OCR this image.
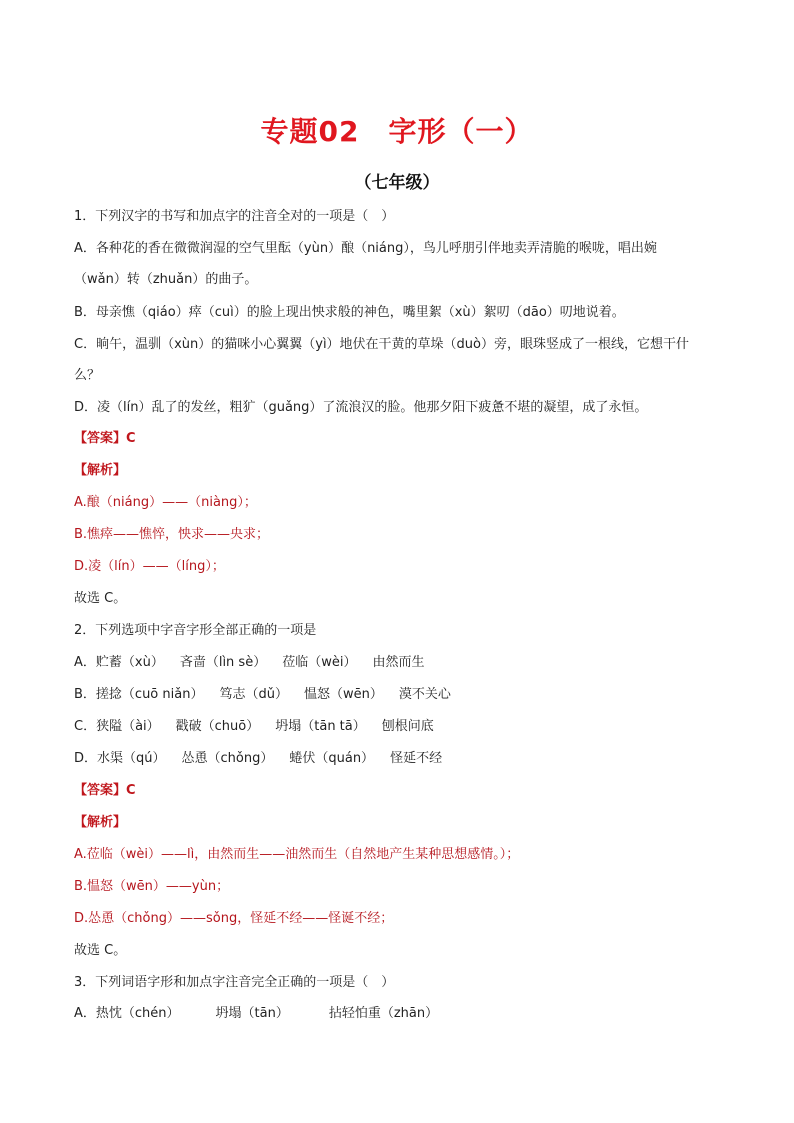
专题02　字形（一）
（七年级）
1．下列汉字的书写和加点字的注音全对的一项是（　）
A．各种花的香在微微润湿的空气里酝（yùn）酿（niáng），鸟儿呼朋引伴地卖弄清脆的喉咙，唱出婉
（wǎn）转（zhuǎn）的曲子。
B．母亲憔（qiáo）瘁（cuì）的脸上现出怏求般的神色，嘴里絮（xù）絮叨（dāo）叨地说着。
C．晌午，温驯（xùn）的猫咪小心翼翼（yì）地伏在干黄的草垛（duò）旁，眼珠竖成了一根线，它想干什
么？
D．凌（lín）乱了的发丝，粗犷（guǎng）了流浪汉的脸。他那夕阳下疲惫不堪的凝望，成了永恒。
【答案】C
【解析】
A.酿（niáng）——（niàng）；
B.憔瘁——憔悴，怏求——央求；
D.凌（lín）——（líng）；
故选 C。
2．下列选项中字音字形全部正确的一项是
A．贮蓄（xù） 吝啬（lìn sè） 莅临（wèi） 由然而生
B．搓捻（cuō niǎn） 笃志（dǔ） 愠怒（wēn） 漠不关心
C．狭隘（ài） 戳破（chuō） 坍塌（tān tā） 刨根问底
D．水渠（qú） 怂恿（chǒng） 蜷伏（quán） 怪延不经
【答案】C
【解析】
A.莅临（wèi）——lì，由然而生——油然而生（自然地产生某种思想感情。）；
B.愠怒（wēn）——yùn；
D.怂恿（chǒng）——sǒng，怪延不经——怪诞不经；
故选 C。
3．下列词语字形和加点字注音完全正确的一项是（　）
A．热忱（chén）	坍塌（tān）	拈轻怕重（zhān）
